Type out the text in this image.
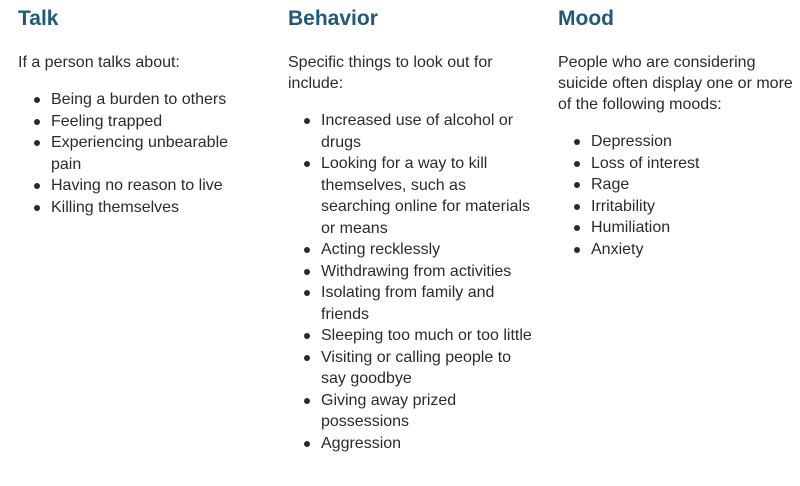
Talk

If a person talks about:

Being a burden to others
Feeling trapped
Experiencing unbearable pain
Having no reason to live
Killing themselves
Behavior

Specific things to look out for include:

Increased use of alcohol or drugs
Looking for a way to kill themselves, such as searching online for materials or means
Acting recklessly
Withdrawing from activities
Isolating from family and friends
Sleeping too much or too little
Visiting or calling people to say goodbye
Giving away prized possessions
Aggression
Mood

People who are considering suicide often display one or more of the following moods:

Depression
Loss of interest
Rage
Irritability
Humiliation
Anxiety
